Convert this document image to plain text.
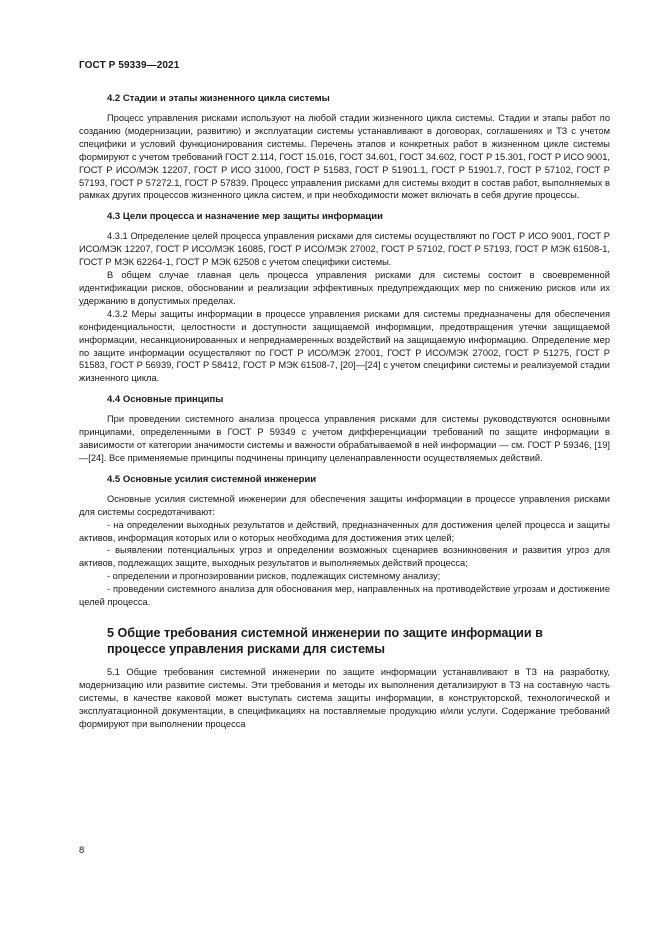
ГОСТ Р 59339—2021
4.2 Стадии и этапы жизненного цикла системы

Процесс управления рисками используют на любой стадии жизненного цикла системы. Стадии и этапы работ по созданию (модернизации, развитию) и эксплуатации системы устанавливают в договорах, соглашениях и ТЗ с учетом специфики и условий функционирования системы. Перечень этапов и конкретных работ в жизненном цикле системы формируют с учетом требований ГОСТ 2.114, ГОСТ 15.016, ГОСТ 34.601, ГОСТ 34.602, ГОСТ Р 15.301, ГОСТ Р ИСО 9001, ГОСТ Р ИСО/МЭК 12207, ГОСТ Р ИСО 31000, ГОСТ Р 51583, ГОСТ Р 51901.1, ГОСТ Р 51901.7, ГОСТ Р 57102, ГОСТ Р 57193, ГОСТ Р 57272.1, ГОСТ Р 57839. Процесс управления рисками для системы входит в состав работ, выполняемых в рамках других процессов жизненного цикла систем, и при необходимости может включать в себя другие процессы.

4.3 Цели процесса и назначение мер защиты информации

4.3.1 Определение целей процесса управления рисками для системы осуществляют по ГОСТ Р ИСО 9001, ГОСТ Р ИСО/МЭК 12207, ГОСТ Р ИСО/МЭК 16085, ГОСТ Р ИСО/МЭК 27002, ГОСТ Р 57102, ГОСТ Р 57193, ГОСТ Р МЭК 61508-1, ГОСТ Р МЭК 62264-1, ГОСТ Р МЭК 62508 с учетом специфики системы.

В общем случае главная цель процесса управления рисками для системы состоит в своевременной идентификации рисков, обосновании и реализации эффективных предупреждающих мер по снижению рисков или их удержанию в допустимых пределах.

4.3.2 Меры защиты информации в процессе управления рисками для системы предназначены для обеспечения конфиденциальности, целостности и доступности защищаемой информации, предотвращения утечки защищаемой информации, несанкционированных и непреднамеренных воздействий на защищаемую информацию. Определение мер по защите информации осуществляют по ГОСТ Р ИСО/МЭК 27001, ГОСТ Р ИСО/МЭК 27002, ГОСТ Р 51275, ГОСТ Р 51583, ГОСТ Р 56939, ГОСТ Р 58412, ГОСТ Р МЭК 61508-7, [20]—[24] с учетом специфики системы и реализуемой стадии жизненного цикла.

4.4 Основные принципы

При проведении системного анализа процесса управления рисками для системы руководствуются основными принципами, определенными в ГОСТ Р 59349 с учетом дифференциации требований по защите информации в зависимости от категории значимости системы и важности обрабатываемой в ней информации — см. ГОСТ Р 59346, [19]—[24]. Все применяемые принципы подчинены принципу целенаправленности осуществляемых действий.

4.5 Основные усилия системной инженерии

Основные усилия системной инженерии для обеспечения защиты информации в процессе управления рисками для системы сосредотачивают:

- на определении выходных результатов и действий, предназначенных для достижения целей процесса и защиты активов, информация которых или о которых необходима для достижения этих целей;

- выявлении потенциальных угроз и определении возможных сценариев возникновения и развития угроз для активов, подлежащих защите, выходных результатов и выполняемых действий процесса;

- определении и прогнозировании рисков, подлежащих системному анализу;

- проведении системного анализа для обоснования мер, направленных на противодействие угрозам и достижение целей процесса.

5 Общие требования системной инженерии по защите информации в процессе управления рисками для системы

5.1 Общие требования системной инженерии по защите информации устанавливают в ТЗ на разработку, модернизацию или развитие системы. Эти требования и методы их выполнения детализируют в ТЗ на составную часть системы, в качестве каковой может выступать система защиты информации, в конструкторской, технологической и эксплуатационной документации, в спецификациях на поставляемые продукцию и/или услуги. Содержание требований формируют при выполнении процесса

8
